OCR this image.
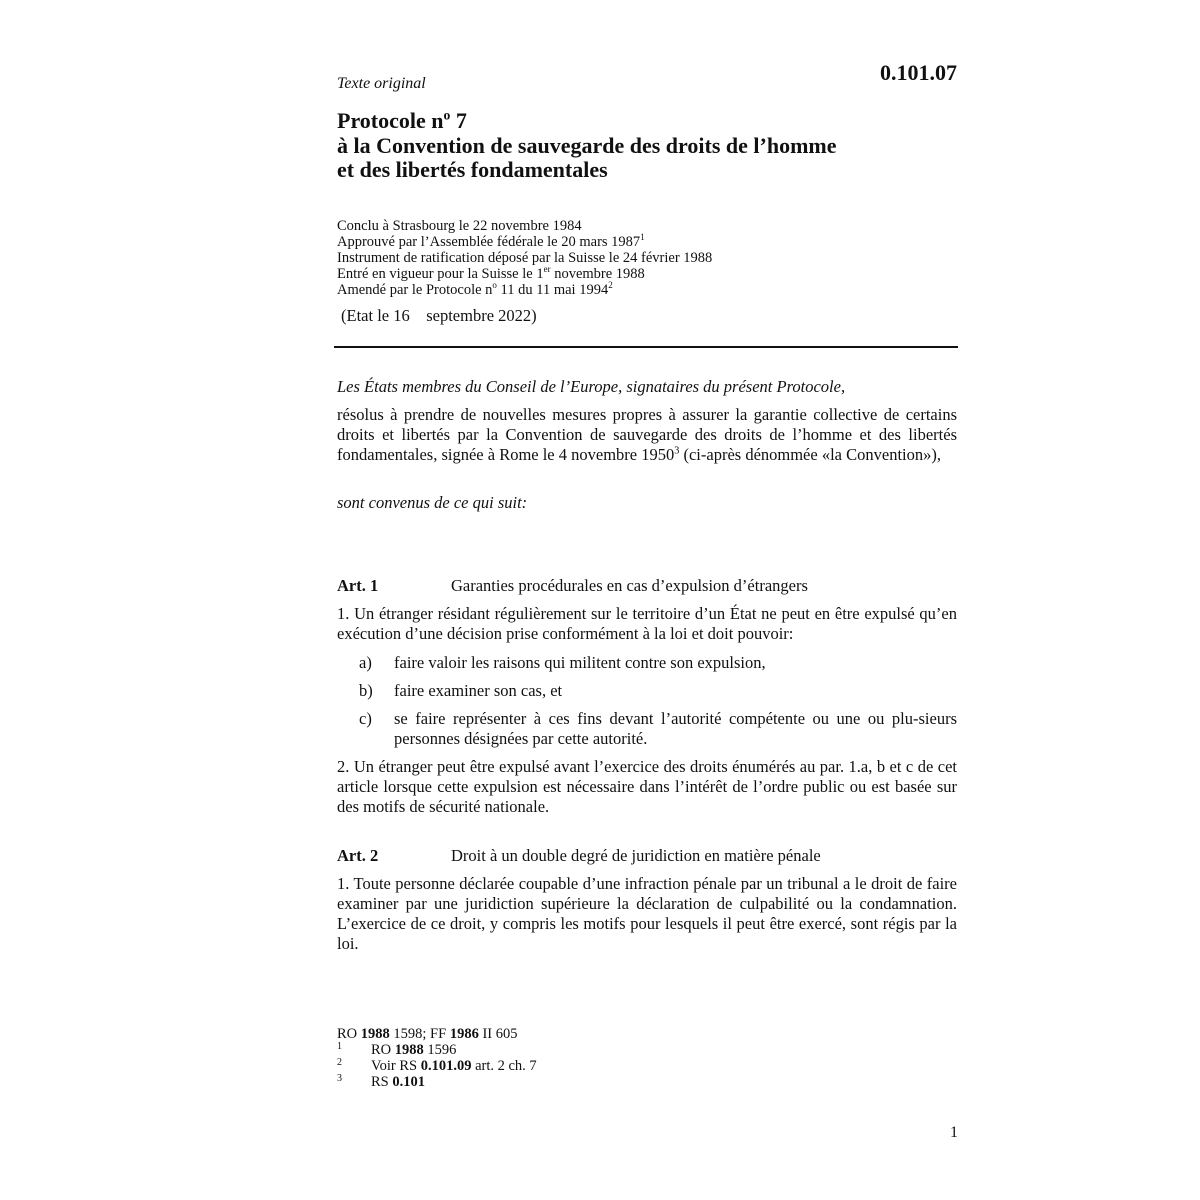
0.101.07
Texte original
Protocole $n^o$ 7
à la Convention de sauvegarde des droits de l’homme
et des libertés fondamentales
Conclu à Strasbourg le 22 novembre 1984
Approuvé par l’Assemblée fédérale le 20 mars 1987$^1$
Instrument de ratification déposé par la Suisse le 24 février 1988
Entré en vigueur pour la Suisse le 1er novembre 1988
Amendé par le Protocole $n^o$ 11 du 11 mai 1994$^2$
(Etat le 16    septembre 2022)
Les États membres du Conseil de l’Europe, signataires du présent Protocole,
résolus à prendre de nouvelles mesures propres à assurer la garantie collective de certains droits et libertés par la Convention de sauvegarde des droits de l’homme et des libertés fondamentales, signée à Rome le 4 novembre 1950$^3$ (ci-après dénommée «la Convention»),
sont convenus de ce qui suit:
Art. 1	Garanties procédurales en cas d’expulsion d’étrangers
1. Un étranger résidant régulièrement sur le territoire d’un État ne peut en être expulsé qu’en exécution d’une décision prise conformément à la loi et doit pouvoir:
a) faire valoir les raisons qui militent contre son expulsion,
b) faire examiner son cas, et
c) se faire représenter à ces fins devant l’autorité compétente ou une ou plu-sieurs personnes désignées par cette autorité.
2. Un étranger peut être expulsé avant l’exercice des droits énumérés au par. 1.a, b et c de cet article lorsque cette expulsion est nécessaire dans l’intérêt de l’ordre public ou est basée sur des motifs de sécurité nationale.
Art. 2	Droit à un double degré de juridiction en matière pénale
1. Toute personne déclarée coupable d’une infraction pénale par un tribunal a le droit de faire examiner par une juridiction supérieure la déclaration de culpabilité ou la condamnation. L’exercice de ce droit, y compris les motifs pour lesquels il peut être exercé, sont régis par la loi.
RO 1988 1598; FF 1986 II 605
1 RO 1988 1596
2 Voir RS 0.101.09 art. 2 ch. 7
3 RS 0.101
1
